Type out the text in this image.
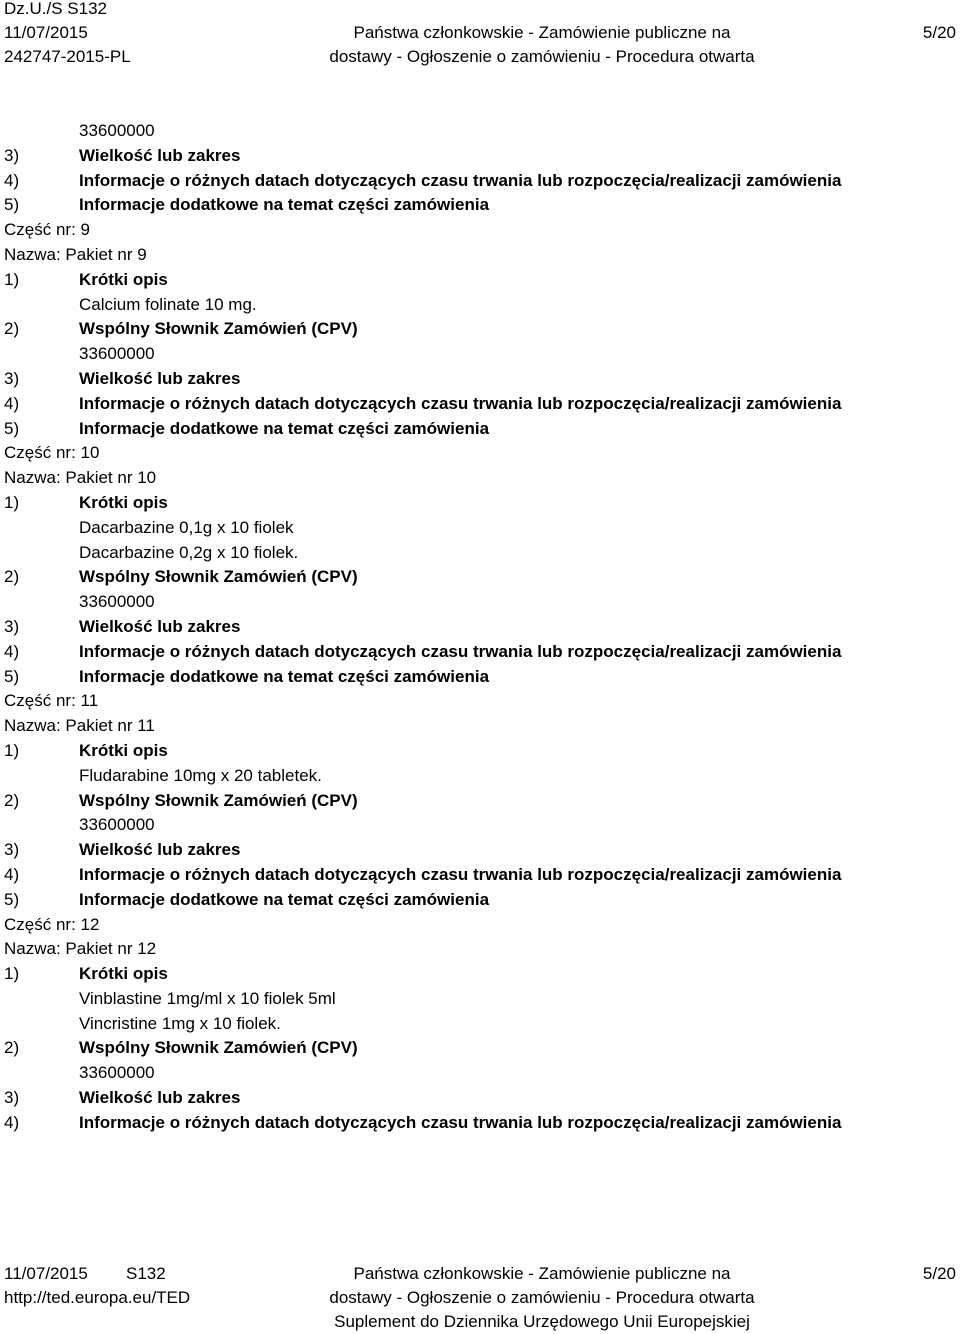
Dz.U./S S132
11/07/2015
242747-2015-PL
Państwa członkowskie - Zamówienie publiczne na
dostawy - Ogłoszenie o zamówieniu - Procedura otwarta
5/20
33600000
3)	Wielkość lub zakres
4)	Informacje o różnych datach dotyczących czasu trwania lub rozpoczęcia/realizacji zamówienia
5)	Informacje dodatkowe na temat części zamówienia
Część nr: 9
Nazwa: Pakiet nr 9
1)	Krótki opis
Calcium folinate 10 mg.
2)	Wspólny Słownik Zamówień (CPV)
33600000
3)	Wielkość lub zakres
4)	Informacje o różnych datach dotyczących czasu trwania lub rozpoczęcia/realizacji zamówienia
5)	Informacje dodatkowe na temat części zamówienia
Część nr: 10
Nazwa: Pakiet nr 10
1)	Krótki opis
Dacarbazine 0,1g x 10 fiolek
Dacarbazine 0,2g x 10 fiolek.
2)	Wspólny Słownik Zamówień (CPV)
33600000
3)	Wielkość lub zakres
4)	Informacje o różnych datach dotyczących czasu trwania lub rozpoczęcia/realizacji zamówienia
5)	Informacje dodatkowe na temat części zamówienia
Część nr: 11
Nazwa: Pakiet nr 11
1)	Krótki opis
Fludarabine 10mg x 20 tabletek.
2)	Wspólny Słownik Zamówień (CPV)
33600000
3)	Wielkość lub zakres
4)	Informacje o różnych datach dotyczących czasu trwania lub rozpoczęcia/realizacji zamówienia
5)	Informacje dodatkowe na temat części zamówienia
Część nr: 12
Nazwa: Pakiet nr 12
1)	Krótki opis
Vinblastine 1mg/ml x 10 fiolek 5ml
Vincristine 1mg x 10 fiolek.
2)	Wspólny Słownik Zamówień (CPV)
33600000
3)	Wielkość lub zakres
4)	Informacje o różnych datach dotyczących czasu trwania lub rozpoczęcia/realizacji zamówienia
11/07/2015 S132
http://ted.europa.eu/TED
Państwa członkowskie - Zamówienie publiczne na
dostawy - Ogłoszenie o zamówieniu - Procedura otwarta
Suplement do Dziennika Urzędowego Unii Europejskiej
5/20
